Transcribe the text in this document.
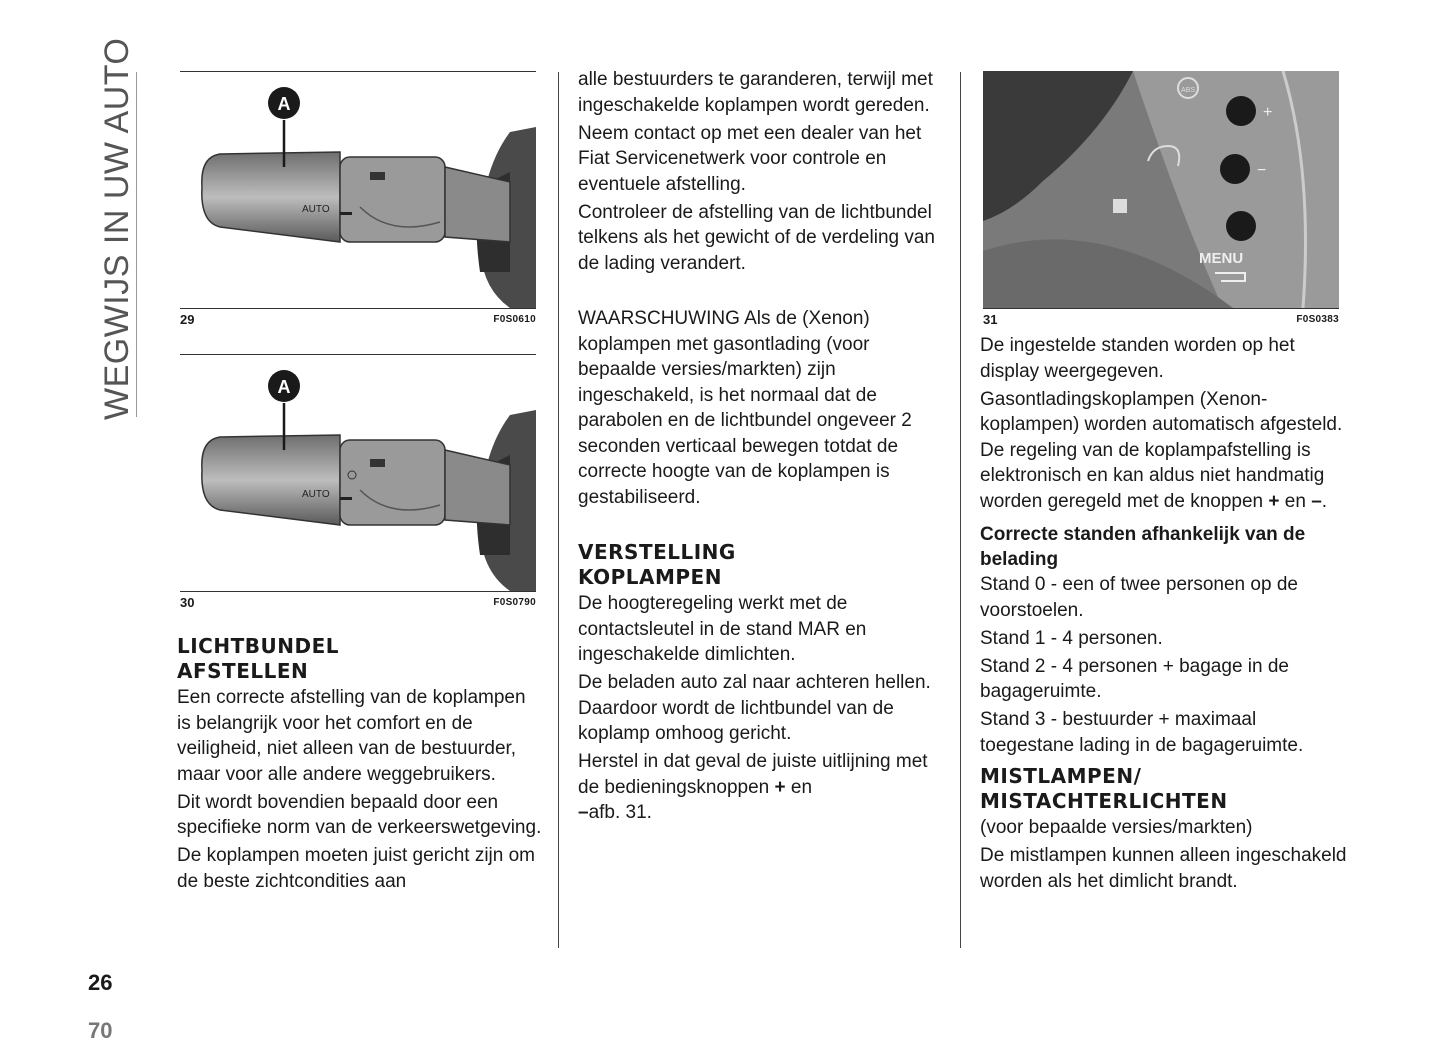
WEGWIJS IN UW AUTO	AUTO
A
29	F0S0610
AUTO
A
30	F0S0790
LICHTBUNDEL
AFSTELLEN

Een correcte afstelling van de koplampen is belangrijk voor het comfort en de veiligheid, niet alleen van de bestuurder, maar voor alle andere weggebruikers.

Dit wordt bovendien bepaald door een specifieke norm van de verkeerswetgeving.

De koplampen moeten juist gericht zijn om de beste zichtcondities aan

alle bestuurders te garanderen, terwijl met ingeschakelde koplampen wordt gereden.

Neem contact op met een dealer van het Fiat Servicenetwerk voor controle en eventuele afstelling.

Controleer de afstelling van de lichtbundel telkens als het gewicht of de verdeling van de lading verandert.

WAARSCHUWING Als de (Xenon) koplampen met gasontlading (voor bepaalde versies/markten) zijn ingeschakeld, is het normaal dat de parabolen en de lichtbundel ongeveer 2 seconden verticaal bewegen totdat de correcte hoogte van de koplampen is gestabiliseerd.

VERSTELLING
KOPLAMPEN

De hoogteregeling werkt met de contactsleutel in de stand MAR en ingeschakelde dimlichten.

De beladen auto zal naar achteren hellen. Daardoor wordt de lichtbundel van de koplamp omhoog gericht.

Herstel in dat geval de juiste uitlijning met de bedieningsknoppen + en
–afb. 31.

ABS
+
−
MENU
31	F0S0383

De ingestelde standen worden op het display weergegeven.

Gasontladingskoplampen (Xenon-koplampen) worden automatisch afgesteld. De regeling van de koplampafstelling is elektronisch en kan aldus niet handmatig worden geregeld met de knoppen + en –.

Correcte standen afhankelijk van de belading

Stand 0 - een of twee personen op de voorstoelen.

Stand 1 - 4 personen.

Stand 2 - 4 personen + bagage in de bagageruimte.

Stand 3 - bestuurder + maximaal toegestane lading in de bagageruimte.

MISTLAMPEN/
MISTACHTERLICHTEN

(voor bepaalde versies/markten)

De mistlampen kunnen alleen ingeschakeld worden als het dimlicht brandt.

26
70
